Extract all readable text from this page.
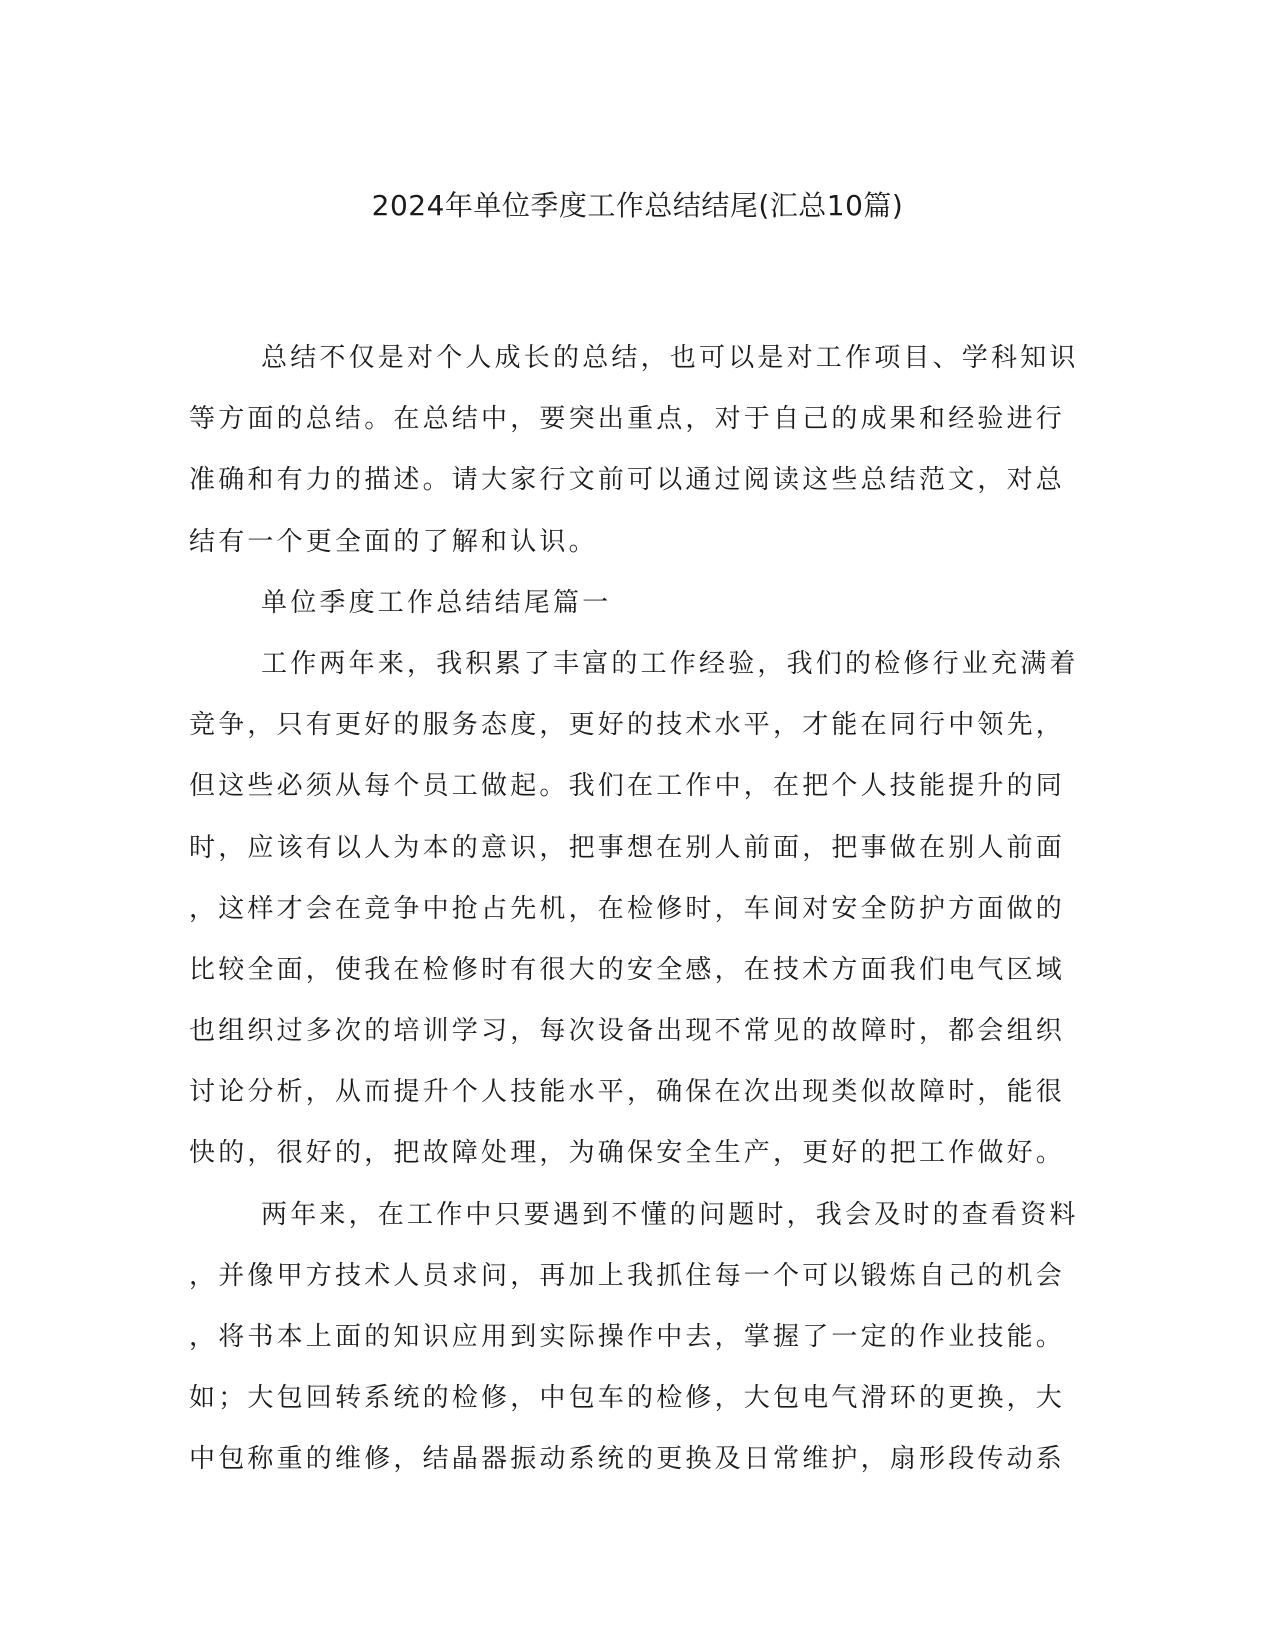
2024年单位季度工作总结结尾(汇总10篇)
总结不仅是对个人成长的总结，也可以是对工作项目、学科知识
等方面的总结。在总结中，要突出重点，对于自己的成果和经验进行
准确和有力的描述。请大家行文前可以通过阅读这些总结范文，对总
结有一个更全面的了解和认识。
单位季度工作总结结尾篇一
工作两年来，我积累了丰富的工作经验，我们的检修行业充满着
竞争，只有更好的服务态度，更好的技术水平，才能在同行中领先，
但这些必须从每个员工做起。我们在工作中，在把个人技能提升的同
时，应该有以人为本的意识，把事想在别人前面，把事做在别人前面
，这样才会在竞争中抢占先机，在检修时，车间对安全防护方面做的
比较全面，使我在检修时有很大的安全感，在技术方面我们电气区域
也组织过多次的培训学习，每次设备出现不常见的故障时，都会组织
讨论分析，从而提升个人技能水平，确保在次出现类似故障时，能很
快的，很好的，把故障处理，为确保安全生产，更好的把工作做好。
两年来，在工作中只要遇到不懂的问题时，我会及时的查看资料
，并像甲方技术人员求问，再加上我抓住每一个可以锻炼自己的机会
，将书本上面的知识应用到实际操作中去，掌握了一定的作业技能。
如；大包回转系统的检修，中包车的检修，大包电气滑环的更换，大
中包称重的维修，结晶器振动系统的更换及日常维护，扇形段传动系
